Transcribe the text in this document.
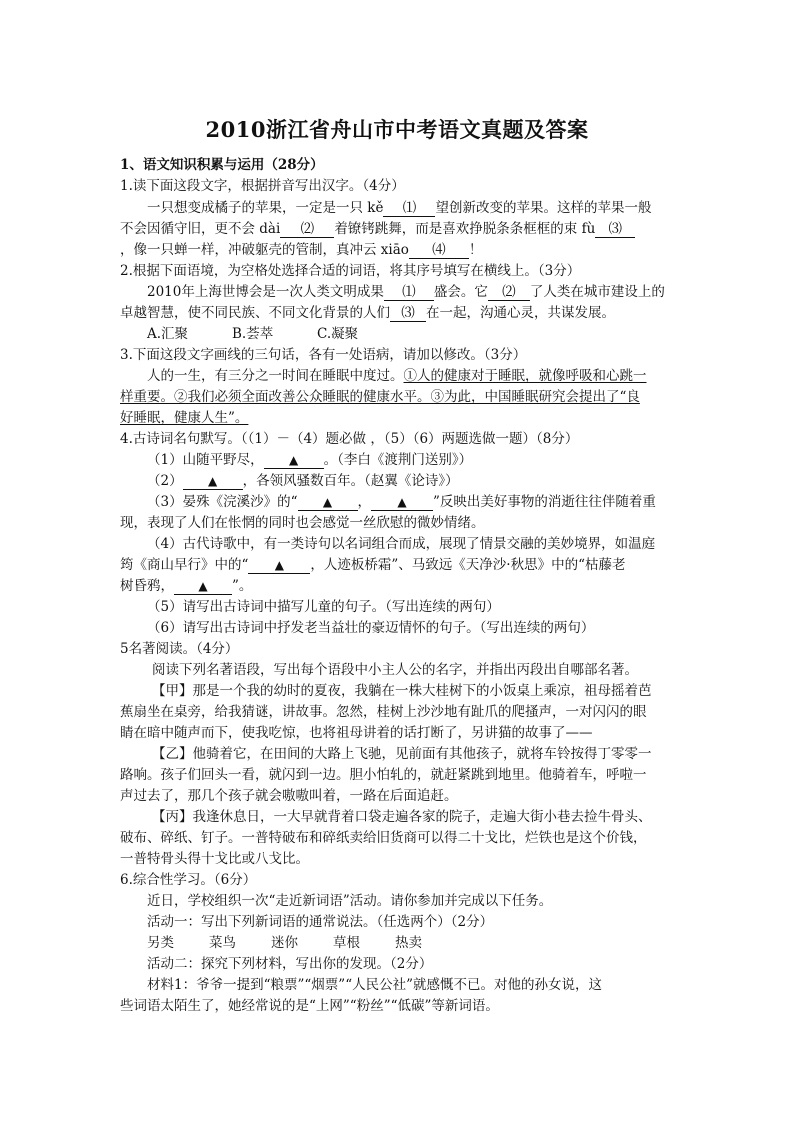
2010浙江省舟山市中考语文真题及答案
1、语文知识积累与运用（28分）
1.读下面这段文字，根据拼音写出汉字。（4分）
一只想变成橘子的苹果，一定是一只 kě ⑴ 望创新改变的苹果。这样的苹果一般
不会因循守旧，更不会 dài ⑵ 着镣铐跳舞，而是喜欢挣脱条条框框的束 fù ⑶
，像一只蝉一样，冲破躯壳的管制，真冲云 xiāo ⑷ ！
2.根据下面语境，为空格处选择合适的词语，将其序号填写在横线上。（3分）
2010年上海世博会是一次人类文明成果 ⑴ 盛会。它 ⑵ 了人类在城市建设上的
卓越智慧，使不同民族、不同文化背景的人们 ⑶ 在一起，沟通心灵，共谋发展。
A.汇聚	B.荟萃	C.凝聚
3.下面这段文字画线的三句话，各有一处语病，请加以修改。（3分）
人的一生，有三分之一时间在睡眠中度过。①人的健康对于睡眠，就像呼吸和心跳一
样重要。②我们必须全面改善公众睡眠的健康水平。③为此，中国睡眠研究会提出了“良
好睡眠，健康人生”。
4.古诗词名句默写。（（1）－（4）题必做 ，（5）（6）两题选做一题）（8分）
（1）山随平野尽， ▲ 。（李白《渡荆门送别》）
（2） ▲ ，各领风骚数百年。（赵翼《论诗》）
（3）晏殊《浣溪沙》的“ ▲ ， ▲ ”反映出美好事物的消逝往往伴随着重
现，表现了人们在怅惘的同时也会感觉一丝欣慰的微妙情绪。
（4）古代诗歌中，有一类诗句以名词组合而成，展现了情景交融的美妙境界，如温庭
筠《商山早行》中的“ ▲ ，人迹板桥霜”、马致远《天净沙·秋思》中的“枯藤老
树昏鸦， ▲ ”。
（5）请写出古诗词中描写儿童的句子。（写出连续的两句）
（6）请写出古诗词中抒发老当益壮的豪迈情怀的句子。（写出连续的两句）
5名著阅读。（4分）
阅读下列名著语段，写出每个语段中小主人公的名字，并指出丙段出自哪部名著。
【甲】那是一个我的幼时的夏夜，我躺在一株大桂树下的小饭桌上乘凉，祖母摇着芭
蕉扇坐在桌旁，给我猜谜，讲故事。忽然，桂树上沙沙地有趾爪的爬搔声，一对闪闪的眼
睛在暗中随声而下，使我吃惊，也将祖母讲着的话打断了，另讲猫的故事了——
【乙】他骑着它，在田间的大路上飞驰，见前面有其他孩子，就将车铃按得丁零零一
路响。孩子们回头一看，就闪到一边。胆小怕轧的，就赶紧跳到地里。他骑着车，呼啦一
声过去了，那几个孩子就会嗷嗷叫着，一路在后面追赶。
【丙】我逢休息日，一大早就背着口袋走遍各家的院子，走遍大街小巷去捡牛骨头、
破布、碎纸、钉子。一普特破布和碎纸卖给旧货商可以得二十戈比，烂铁也是这个价钱，
一普特骨头得十戈比或八戈比。
6.综合性学习。（6分）
近日，学校组织一次“走近新词语”活动。请你参加并完成以下任务。
活动一：写出下列新词语的通常说法。（任选两个）（2分）
另类	菜鸟	迷你	草根	热卖
活动二：探究下列材料，写出你的发现。（2分）
材料1：爷爷一提到“粮票”“烟票”“人民公社”就感慨不已。对他的孙女说，这
些词语太陌生了，她经常说的是“上网”“粉丝”“低碳”等新词语。
